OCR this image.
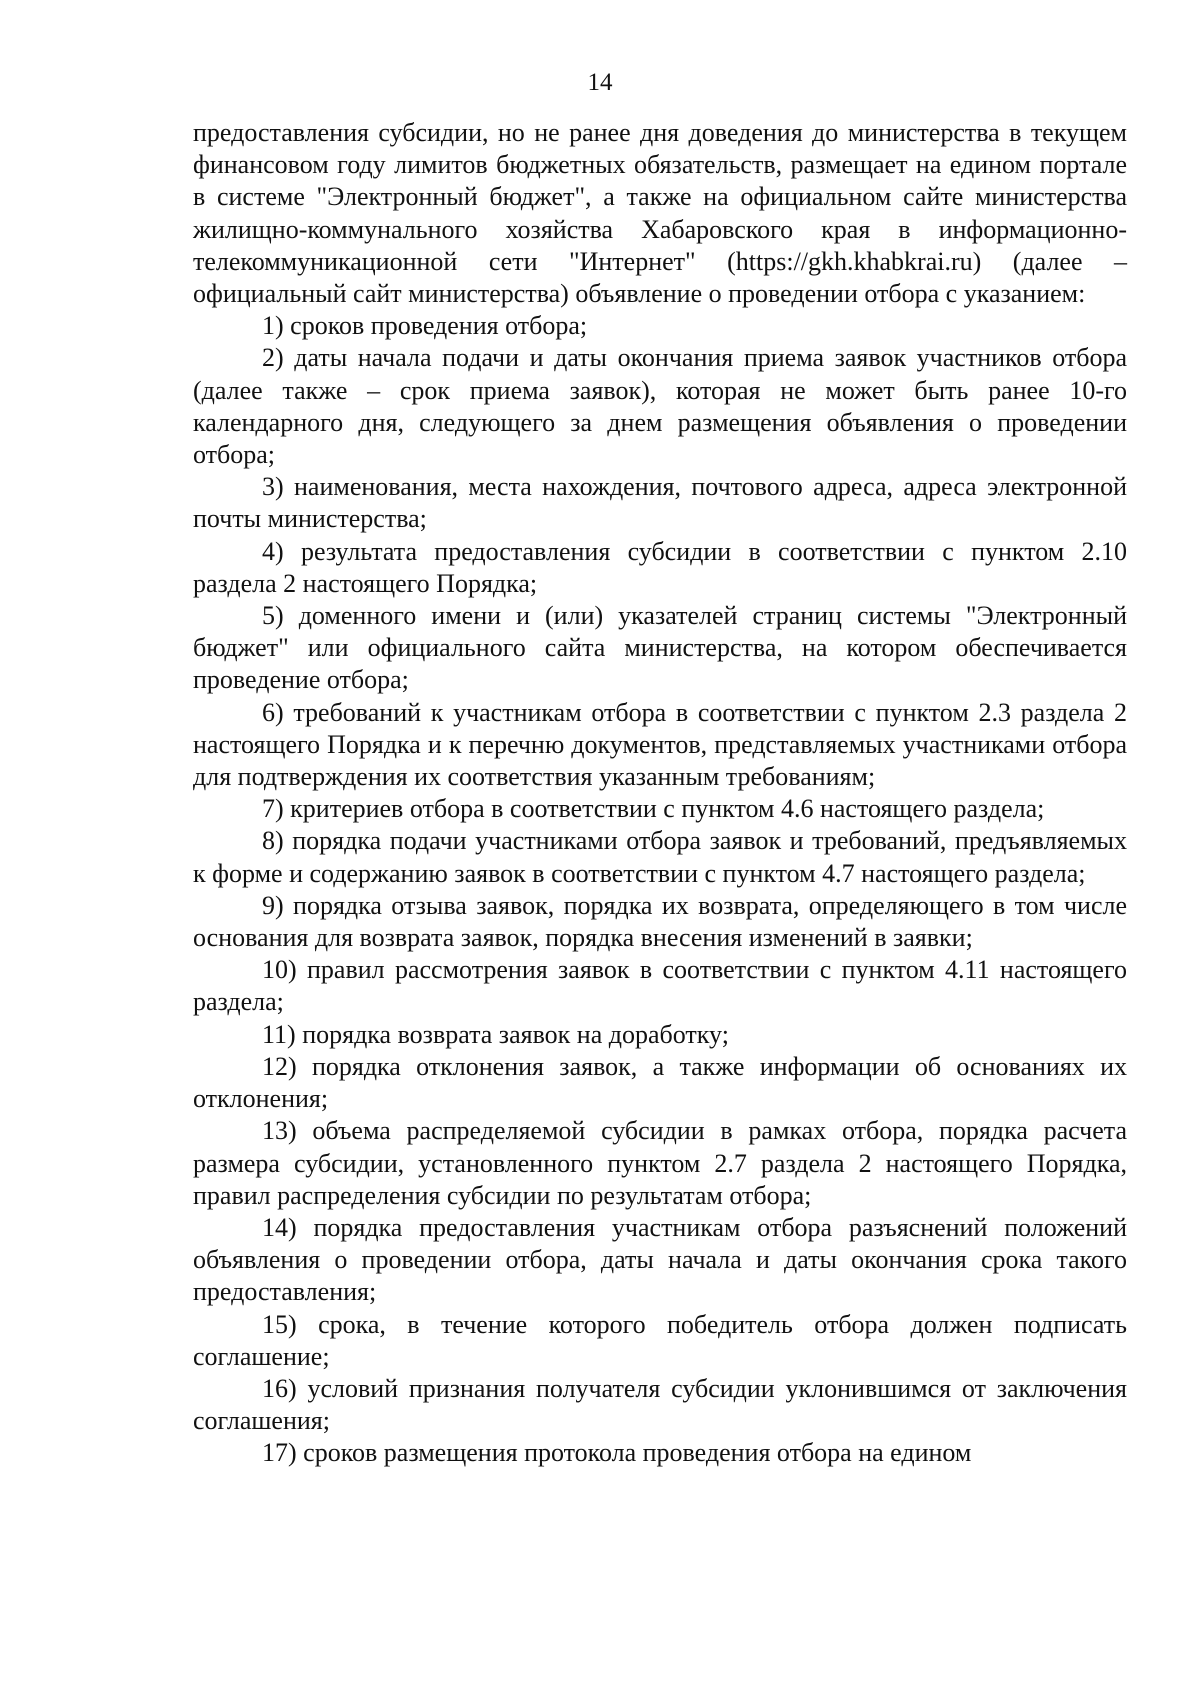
14

предоставления субсидии, но не ранее дня доведения до министерства в текущем финансовом году лимитов бюджетных обязательств, размещает на едином портале в системе "Электронный бюджет", а также на официальном сайте министерства жилищно-коммунального хозяйства Хабаровского края в информационно-телекоммуникационной сети "Интернет" (https://gkh.khabkrai.ru) (далее – официальный сайт министерства) объявление о проведении отбора с указанием:

1) сроков проведения отбора;

2) даты начала подачи и даты окончания приема заявок участников отбора (далее также – срок приема заявок), которая не может быть ранее 10-го календарного дня, следующего за днем размещения объявления о проведении отбора;

3) наименования, места нахождения, почтового адреса, адреса электронной почты министерства;

4) результата предоставления субсидии в соответствии с пунктом 2.10 раздела 2 настоящего Порядка;

5) доменного имени и (или) указателей страниц системы "Электронный бюджет" или официального сайта министерства, на котором обеспечивается проведение отбора;

6) требований к участникам отбора в соответствии с пунктом 2.3 раздела 2 настоящего Порядка и к перечню документов, представляемых участниками отбора для подтверждения их соответствия указанным требованиям;

7) критериев отбора в соответствии с пунктом 4.6 настоящего раздела;

8) порядка подачи участниками отбора заявок и требований, предъявляемых к форме и содержанию заявок в соответствии с пунктом 4.7 настоящего раздела;

9) порядка отзыва заявок, порядка их возврата, определяющего в том числе основания для возврата заявок, порядка внесения изменений в заявки;

10) правил рассмотрения заявок в соответствии с пунктом 4.11 настоящего раздела;

11) порядка возврата заявок на доработку;

12) порядка отклонения заявок, а также информации об основаниях их отклонения;

13) объема распределяемой субсидии в рамках отбора, порядка расчета размера субсидии, установленного пунктом 2.7 раздела 2 настоящего Порядка, правил распределения субсидии по результатам отбора;

14) порядка предоставления участникам отбора разъяснений положений объявления о проведении отбора, даты начала и даты окончания срока такого предоставления;

15) срока, в течение которого победитель отбора должен подписать соглашение;

16) условий признания получателя субсидии уклонившимся от заключения соглашения;

17) сроков размещения протокола проведения отбора на едином
